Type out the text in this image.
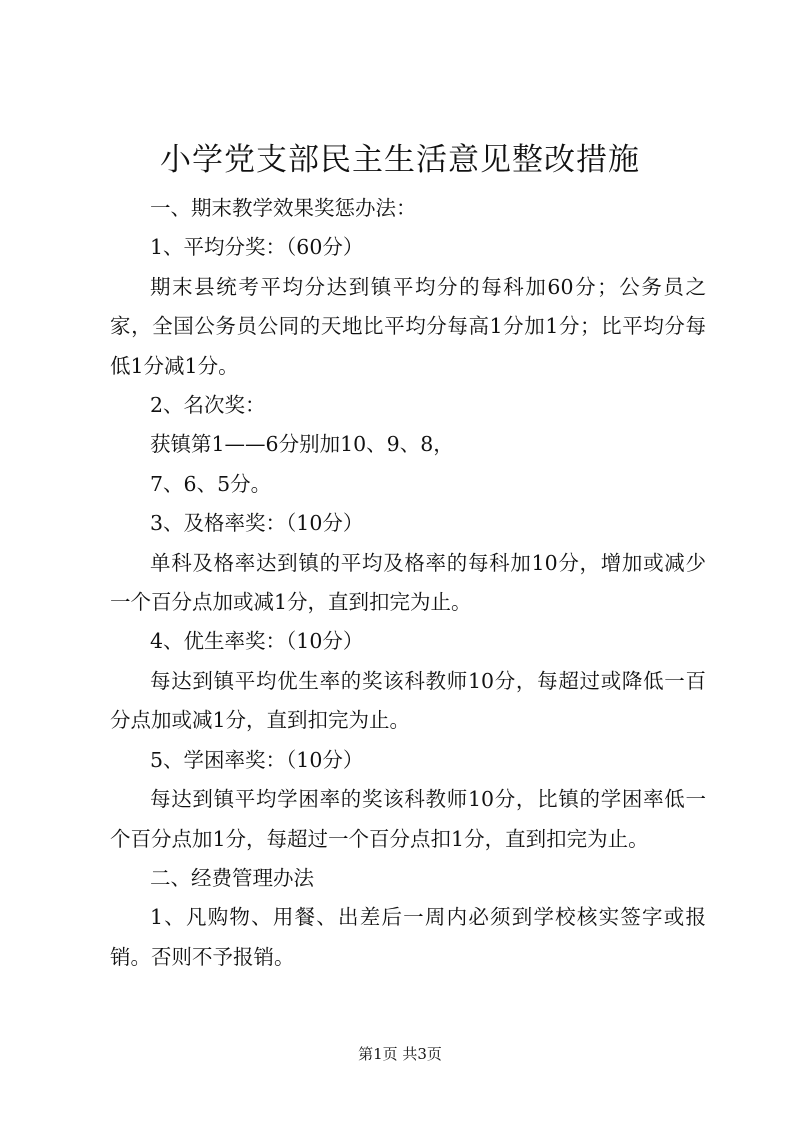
小学党支部民主生活意见整改措施

一、期末教学效果奖惩办法：

1、平均分奖：（60分）

期末县统考平均分达到镇平均分的每科加60分；公务员之家，全国公务员公同的天地比平均分每高1分加1分；比平均分每低1分减1分。

2、名次奖：

获镇第1——6分别加10、9、8，

7、6、5分。

3、及格率奖：（10分）

单科及格率达到镇的平均及格率的每科加10分，增加或减少一个百分点加或减1分，直到扣完为止。

4、优生率奖：（10分）

每达到镇平均优生率的奖该科教师10分，每超过或降低一百分点加或减1分，直到扣完为止。

5、学困率奖：（10分）

每达到镇平均学困率的奖该科教师10分，比镇的学困率低一个百分点加1分，每超过一个百分点扣1分，直到扣完为止。

二、经费管理办法

1、凡购物、用餐、出差后一周内必须到学校核实签字或报销。否则不予报销。

第1页 共3页
